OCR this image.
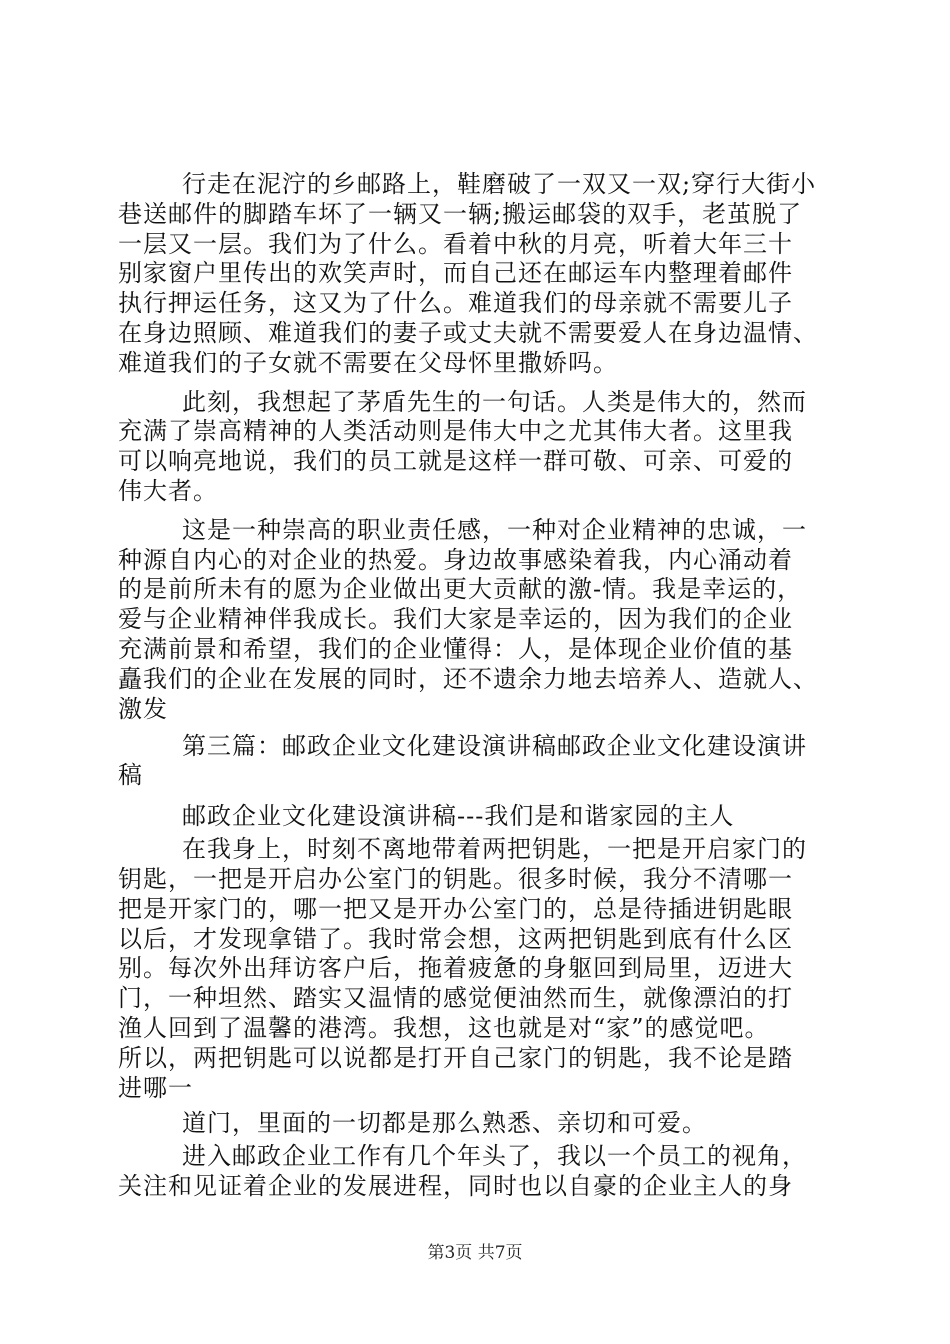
行走在泥泞的乡邮路上，鞋磨破了一双又一双;穿行大街小
巷送邮件的脚踏车坏了一辆又一辆;搬运邮袋的双手，老茧脱了
一层又一层。我们为了什么。看着中秋的月亮，听着大年三十
别家窗户里传出的欢笑声时，而自己还在邮运车内整理着邮件
执行押运任务，这又为了什么。难道我们的母亲就不需要儿子
在身边照顾、难道我们的妻子或丈夫就不需要爱人在身边温情、
难道我们的子女就不需要在父母怀里撒娇吗。
此刻，我想起了茅盾先生的一句话。人类是伟大的，然而
充满了崇高精神的人类活动则是伟大中之尤其伟大者。这里我
可以响亮地说，我们的员工就是这样一群可敬、可亲、可爱的
伟大者。
这是一种崇高的职业责任感，一种对企业精神的忠诚，一
种源自内心的对企业的热爱。身边故事感染着我，内心涌动着
的是前所未有的愿为企业做出更大贡献的激-情。我是幸运的，
爱与企业精神伴我成长。我们大家是幸运的，因为我们的企业
充满前景和希望，我们的企业懂得：人，是体现企业价值的基
矗我们的企业在发展的同时，还不遗余力地去培养人、造就人、
激发
第三篇：邮政企业文化建设演讲稿邮政企业文化建设演讲
稿
邮政企业文化建设演讲稿---我们是和谐家园的主人
在我身上，时刻不离地带着两把钥匙，一把是开启家门的
钥匙，一把是开启办公室门的钥匙。很多时候，我分不清哪一
把是开家门的，哪一把又是开办公室门的，总是待插进钥匙眼
以后，才发现拿错了。我时常会想，这两把钥匙到底有什么区
别。每次外出拜访客户后，拖着疲惫的身躯回到局里，迈进大
门，一种坦然、踏实又温情的感觉便油然而生，就像漂泊的打
渔人回到了温馨的港湾。我想，这也就是对“家”的感觉吧。
所以，两把钥匙可以说都是打开自己家门的钥匙，我不论是踏
进哪一
道门，里面的一切都是那么熟悉、亲切和可爱。
进入邮政企业工作有几个年头了，我以一个员工的视角，
关注和见证着企业的发展进程，同时也以自豪的企业主人的身
第3页 共7页
